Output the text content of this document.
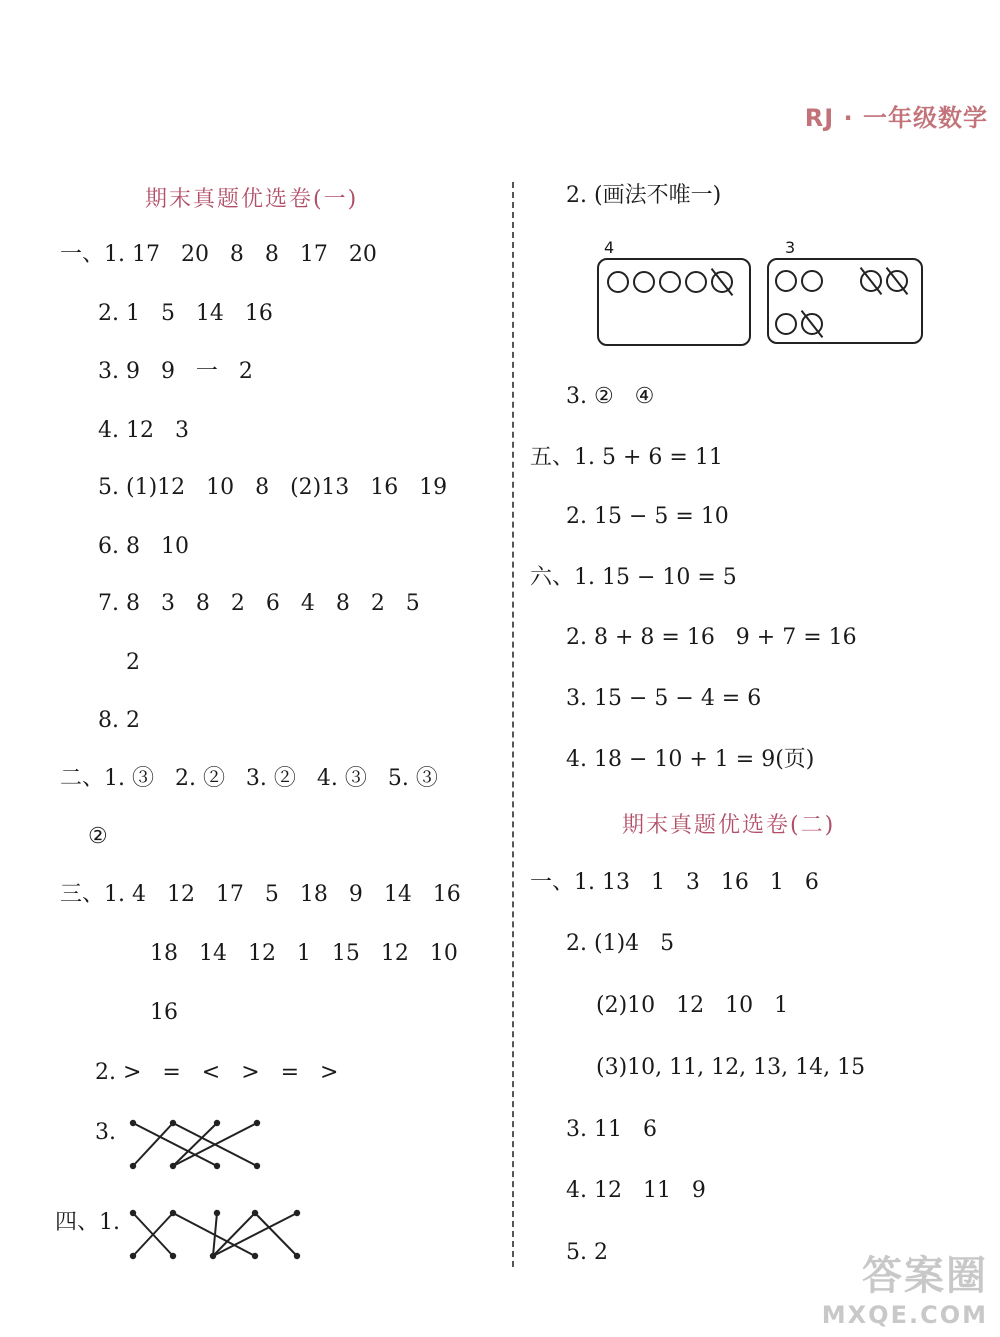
RJ · 一年级数学
期末真题优选卷(一)
一、1. 17   20   8   8   17   20
2. 1   5   14   16
3. 9   9   一   2
4. 12   3
5. (1)12   10   8   (2)13   16   19
6. 8   10
7. 8   3   8   2   6   4   8   2   5
2
8. 2
二、1. ③   2. ②   3. ②   4. ③   5. ③
②
三、1. 4   12   17   5   18   9   14   16
18   14   12   1   15   12   10
16
2. >   =   <   >   =   >
3.
四、1.
2. (画法不唯一)
4	3
3. ②   ④
五、1. 5 + 6 = 11
2. 15 − 5 = 10
六、1. 15 − 10 = 5
2. 8 + 8 = 16   9 + 7 = 16
3. 15 − 5 − 4 = 6
4. 18 − 10 + 1 = 9(页)
期末真题优选卷(二)
一、1. 13   1   3   16   1   6
2. (1)4   5
(2)10   12   10   1
(3)10, 11, 12, 13, 14, 15
3. 11   6
4. 12   11   9
5. 2
答案圈
MXQE.COM
